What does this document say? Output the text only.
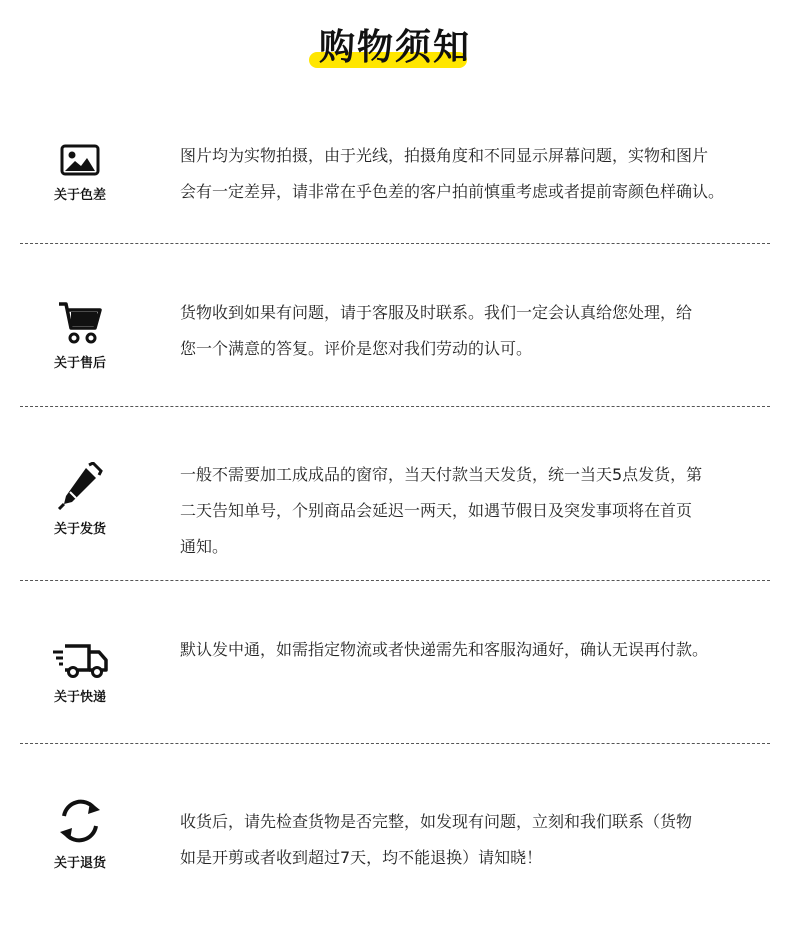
购物须知
关于色差
图片均为实物拍摄，由于光线，拍摄角度和不同显示屏幕问题，实物和图片
会有一定差异，请非常在乎色差的客户拍前慎重考虑或者提前寄颜色样确认。
关于售后
货物收到如果有问题，请于客服及时联系。我们一定会认真给您处理，给
您一个满意的答复。评价是您对我们劳动的认可。
关于发货
一般不需要加工成成品的窗帘，当天付款当天发货，统一当天5点发货，第
二天告知单号，个别商品会延迟一两天，如遇节假日及突发事项将在首页
通知。
关于快递
默认发中通，如需指定物流或者快递需先和客服沟通好，确认无误再付款。
关于退货
收货后，请先检查货物是否完整，如发现有问题，立刻和我们联系（货物
如是开剪或者收到超过7天，均不能退换）请知晓！
